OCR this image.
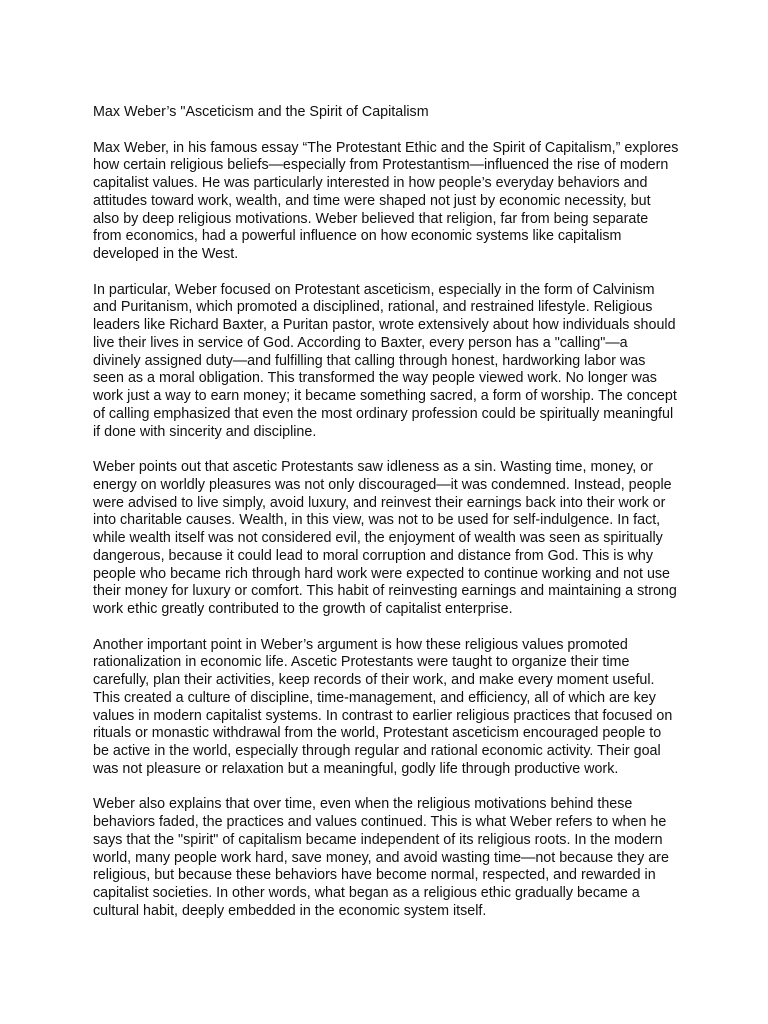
Max Weber’s "Asceticism and the Spirit of Capitalism

Max Weber, in his famous essay “The Protestant Ethic and the Spirit of Capitalism,” explores
how certain religious beliefs—especially from Protestantism—influenced the rise of modern
capitalist values. He was particularly interested in how people’s everyday behaviors and
attitudes toward work, wealth, and time were shaped not just by economic necessity, but
also by deep religious motivations. Weber believed that religion, far from being separate
from economics, had a powerful influence on how economic systems like capitalism
developed in the West.

In particular, Weber focused on Protestant asceticism, especially in the form of Calvinism
and Puritanism, which promoted a disciplined, rational, and restrained lifestyle. Religious
leaders like Richard Baxter, a Puritan pastor, wrote extensively about how individuals should
live their lives in service of God. According to Baxter, every person has a "calling"—a
divinely assigned duty—and fulfilling that calling through honest, hardworking labor was
seen as a moral obligation. This transformed the way people viewed work. No longer was
work just a way to earn money; it became something sacred, a form of worship. The concept
of calling emphasized that even the most ordinary profession could be spiritually meaningful
if done with sincerity and discipline.

Weber points out that ascetic Protestants saw idleness as a sin. Wasting time, money, or
energy on worldly pleasures was not only discouraged—it was condemned. Instead, people
were advised to live simply, avoid luxury, and reinvest their earnings back into their work or
into charitable causes. Wealth, in this view, was not to be used for self-indulgence. In fact,
while wealth itself was not considered evil, the enjoyment of wealth was seen as spiritually
dangerous, because it could lead to moral corruption and distance from God. This is why
people who became rich through hard work were expected to continue working and not use
their money for luxury or comfort. This habit of reinvesting earnings and maintaining a strong
work ethic greatly contributed to the growth of capitalist enterprise.

Another important point in Weber’s argument is how these religious values promoted
rationalization in economic life. Ascetic Protestants were taught to organize their time
carefully, plan their activities, keep records of their work, and make every moment useful.
This created a culture of discipline, time-management, and efficiency, all of which are key
values in modern capitalist systems. In contrast to earlier religious practices that focused on
rituals or monastic withdrawal from the world, Protestant asceticism encouraged people to
be active in the world, especially through regular and rational economic activity. Their goal
was not pleasure or relaxation but a meaningful, godly life through productive work.

Weber also explains that over time, even when the religious motivations behind these
behaviors faded, the practices and values continued. This is what Weber refers to when he
says that the "spirit" of capitalism became independent of its religious roots. In the modern
world, many people work hard, save money, and avoid wasting time—not because they are
religious, but because these behaviors have become normal, respected, and rewarded in
capitalist societies. In other words, what began as a religious ethic gradually became a
cultural habit, deeply embedded in the economic system itself.
